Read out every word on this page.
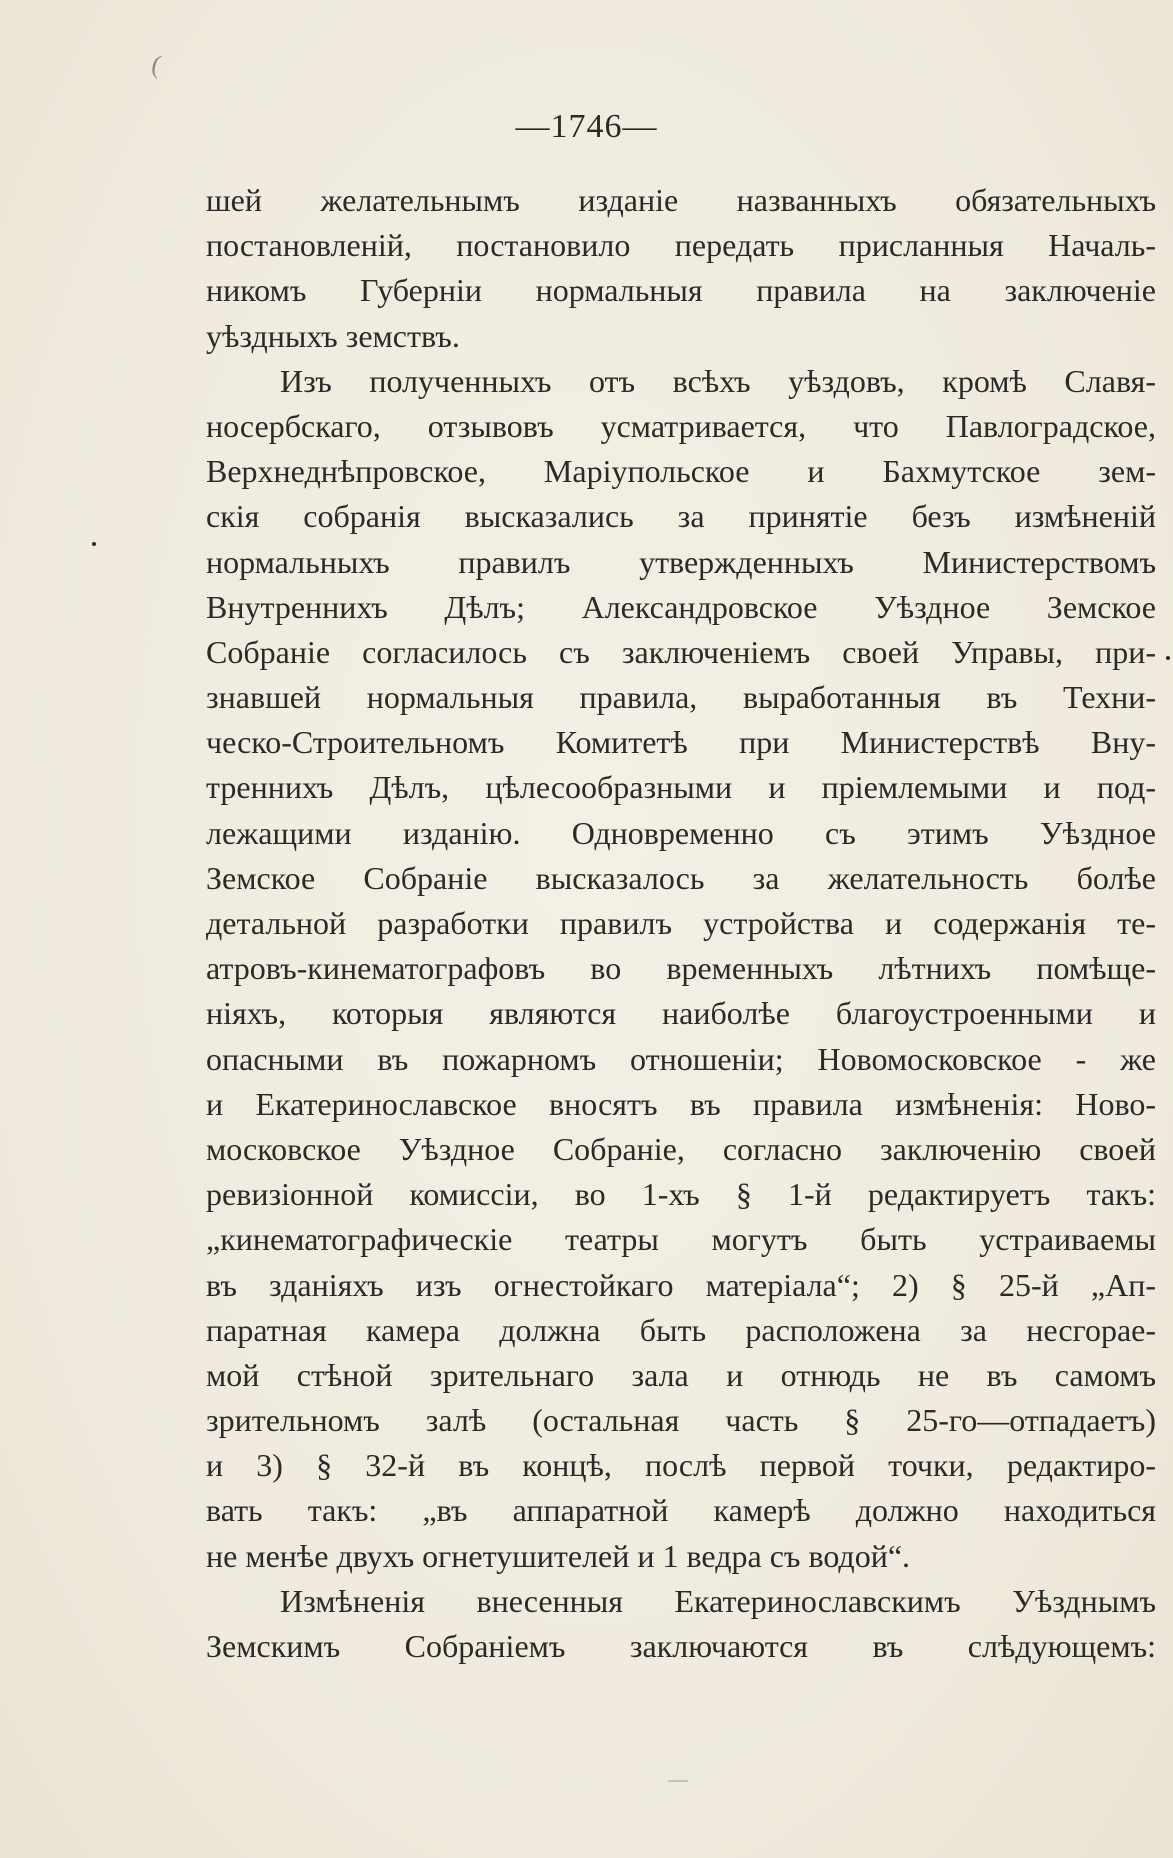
(
—1746—
шей желательнымъ изданіе названныхъ обязательныхъ
постановленій, постановило передать присланныя Началь-
никомъ Губерніи нормальныя правила на заключеніе
уѣздныхъ земствъ.
Изъ полученныхъ отъ всѣхъ уѣздовъ, кромѣ Славя-
носербскаго, отзывовъ усматривается, что Павлоградское,
Верхнеднѣпровское, Маріупольское и Бахмутское зем-
скія собранія высказались за принятіе безъ измѣненій
нормальныхъ правилъ утвержденныхъ Министерствомъ
Внутреннихъ Дѣлъ; Александровское Уѣздное Земское
Собраніе согласилось съ заключеніемъ своей Управы, при-
знавшей нормальныя правила, выработанныя въ Техни-
ческо-Строительномъ Комитетѣ при Министерствѣ Вну-
треннихъ Дѣлъ, цѣлесообразными и пріемлемыми и под-
лежащими изданію. Одновременно съ этимъ Уѣздное
Земское Собраніе высказалось за желательность болѣе
детальной разработки правилъ устройства и содержанія те-
атровъ-кинематографовъ во временныхъ лѣтнихъ помѣще-
ніяхъ, которыя являются наиболѣе благоустроенными и
опасными въ пожарномъ отношеніи; Новомосковское - же
и Екатеринославское вносятъ въ правила измѣненія: Ново-
московское Уѣздное Собраніе, согласно заключенію своей
ревизіонной комиссіи, во 1-хъ § 1-й редактируетъ такъ:
„кинематографическіе театры могутъ быть устраиваемы
въ зданіяхъ изъ огнестойкаго матеріала“; 2) § 25-й „Ап-
паратная камера должна быть расположена за несгорае-
мой стѣной зрительнаго зала и отнюдь не въ самомъ
зрительномъ залѣ (остальная часть § 25-го—отпадаетъ)
и 3) § 32-й въ концѣ, послѣ первой точки, редактиро-
вать такъ: „въ аппаратной камерѣ должно находиться
не менѣе двухъ огнетушителей и 1 ведра съ водой“.
Измѣненія внесенныя Екатеринославскимъ Уѣзднымъ
Земскимъ Собраніемъ заключаются въ слѣдующемъ:
